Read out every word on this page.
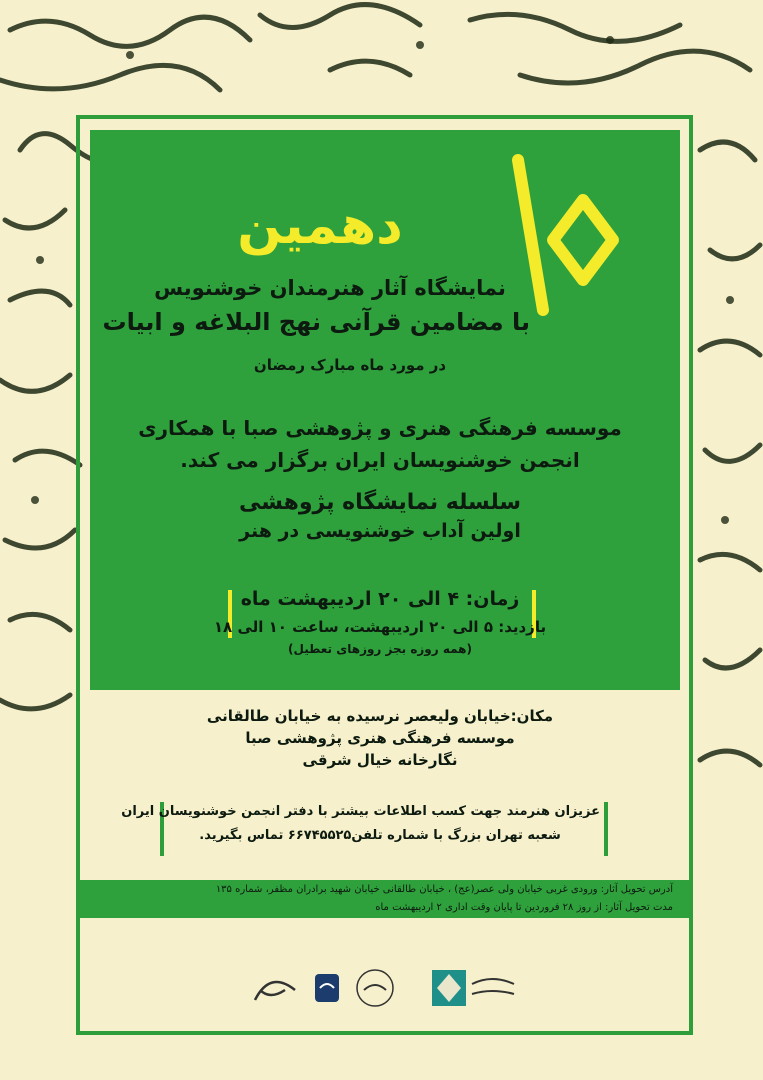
دهمین
نمایشگاه آثار هنرمندان خوشنویس
با مضامین قرآنی نهج البلاغه و ابیات
در مورد ماه مبارک رمضان
موسسه فرهنگی هنری و پژوهشی صبا با همکاری
انجمن خوشنویسان ایران برگزار می کند.
سلسله نمایشگاه پژوهشی
اولین آداب خوشنویسی در هنر
زمان: ۴ الی ۲۰ اردیبهشت ماه
بازدید: ۵ الی ۲۰ اردیبهشت، ساعت ۱۰ الی ۱۸
(همه روزه بجز روزهای تعطیل)
مکان:خیابان ولیعصر نرسیده به خیابان طالقانی
موسسه فرهنگی هنری پژوهشی صبا
نگارخانه خیال شرقی
عزیزان هنرمند جهت کسب اطلاعات بیشتر با دفتر انجمن خوشنویسان ایران
شعبه تهران بزرگ با شماره تلفن۶۶۷۴۵۵۲۵ تماس بگیرید.
آدرس تحویل آثار: ورودی غربی خیابان ولی عصر(عج) ، خیابان طالقانی خیابان شهید برادران مظفر، شماره ۱۳۵
مدت تحویل آثار: از روز ۲۸ فروردین تا پایان وقت اداری ۲ اردیبهشت ماه
